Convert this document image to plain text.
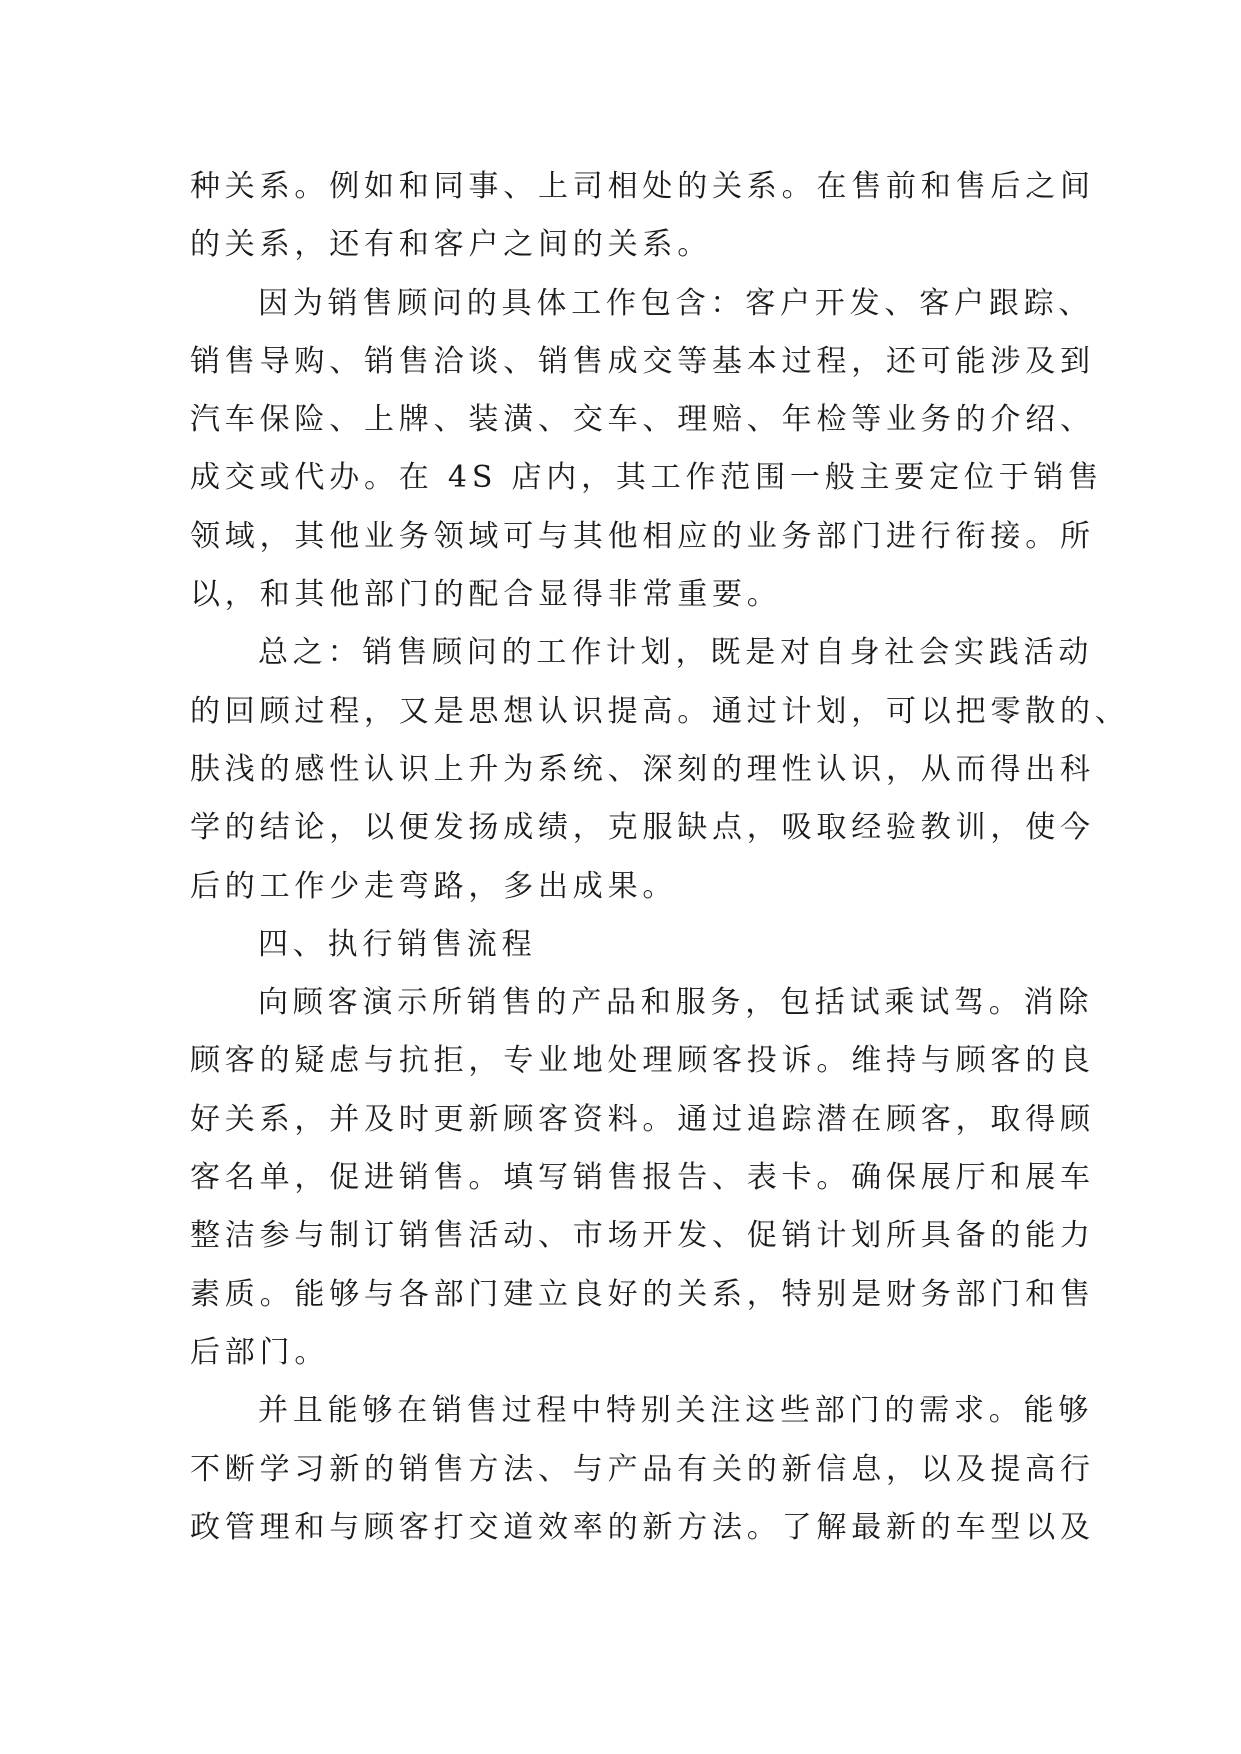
种关系。例如和同事、上司相处的关系。在售前和售后之间
的关系，还有和客户之间的关系。
因为销售顾问的具体工作包含：客户开发、客户跟踪、
销售导购、销售洽谈、销售成交等基本过程，还可能涉及到
汽车保险、上牌、装潢、交车、理赔、年检等业务的介绍、
成交或代办。在 4S 店内，其工作范围一般主要定位于销售
领域，其他业务领域可与其他相应的业务部门进行衔接。所
以，和其他部门的配合显得非常重要。
总之：销售顾问的工作计划，既是对自身社会实践活动
的回顾过程，又是思想认识提高。通过计划，可以把零散的、
肤浅的感性认识上升为系统、深刻的理性认识，从而得出科
学的结论，以便发扬成绩，克服缺点，吸取经验教训，使今
后的工作少走弯路，多出成果。
四、执行销售流程
向顾客演示所销售的产品和服务，包括试乘试驾。消除
顾客的疑虑与抗拒，专业地处理顾客投诉。维持与顾客的良
好关系，并及时更新顾客资料。通过追踪潜在顾客，取得顾
客名单，促进销售。填写销售报告、表卡。确保展厅和展车
整洁参与制订销售活动、市场开发、促销计划所具备的能力
素质。能够与各部门建立良好的关系，特别是财务部门和售
后部门。
并且能够在销售过程中特别关注这些部门的需求。能够
不断学习新的销售方法、与产品有关的新信息，以及提高行
政管理和与顾客打交道效率的新方法。了解最新的车型以及
